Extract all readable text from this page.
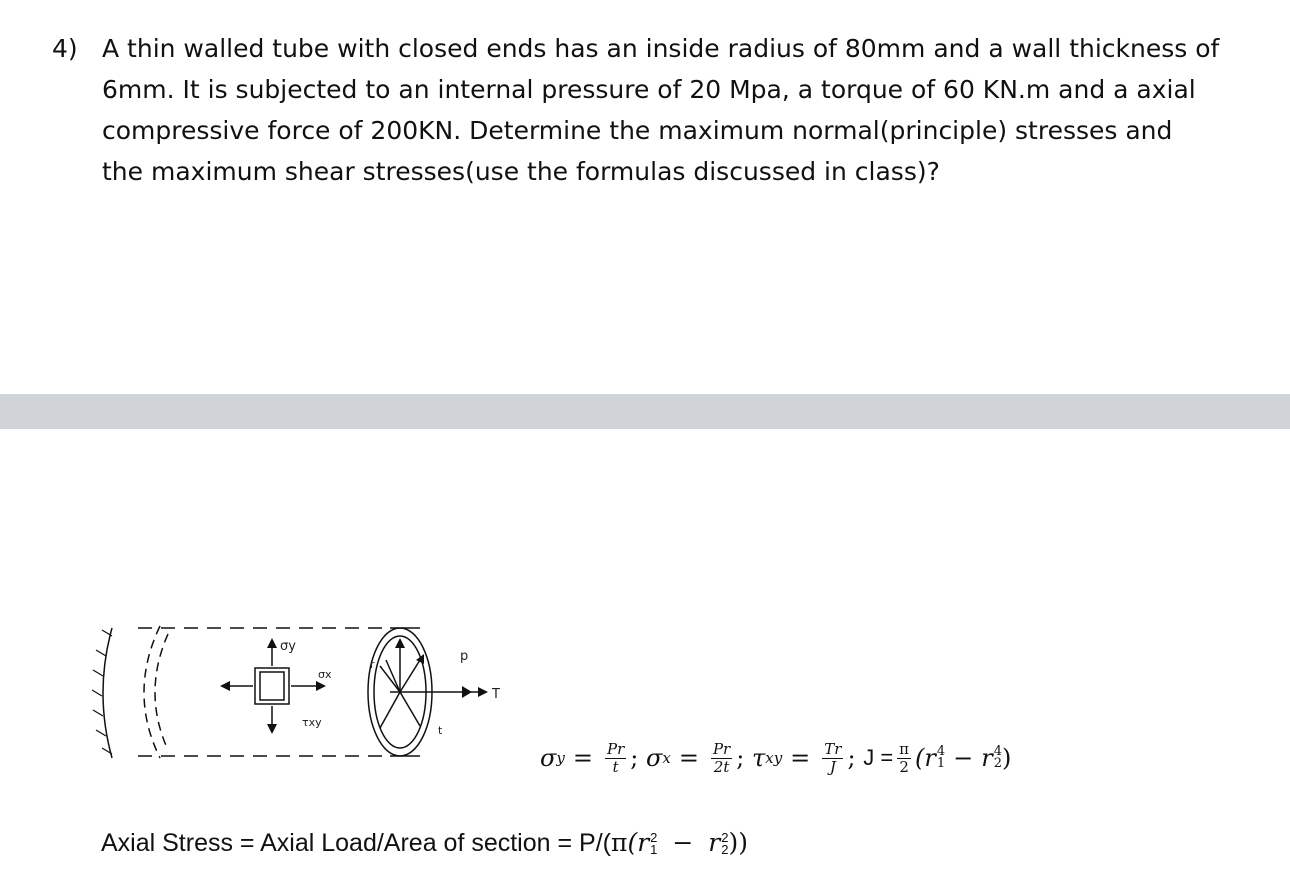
4) A thin walled tube with closed ends has an inside radius of 80mm and a wall thickness of
6mm. It is subjected to an internal pressure of 20 Mpa, a torque of 60 KN.m and a axial
compressive force of 200KN. Determine the maximum normal(principle) stresses and
the maximum shear stresses(use the formulas discussed in class)?
σy
σx
τxy
r
p
t
T
σ $y = \frac{Pr}{t}$ ;
σ $x = \frac{Pr}{2t}$ ;
τ xy = $\frac{Tr}{J}$ ;
$J = \frac{\pi}{2} (r$ 4
1 − r 4
2 )
Axial Stress = Axial Load/Area of section = P/(π(r 2
1 − r 2
2 ))
